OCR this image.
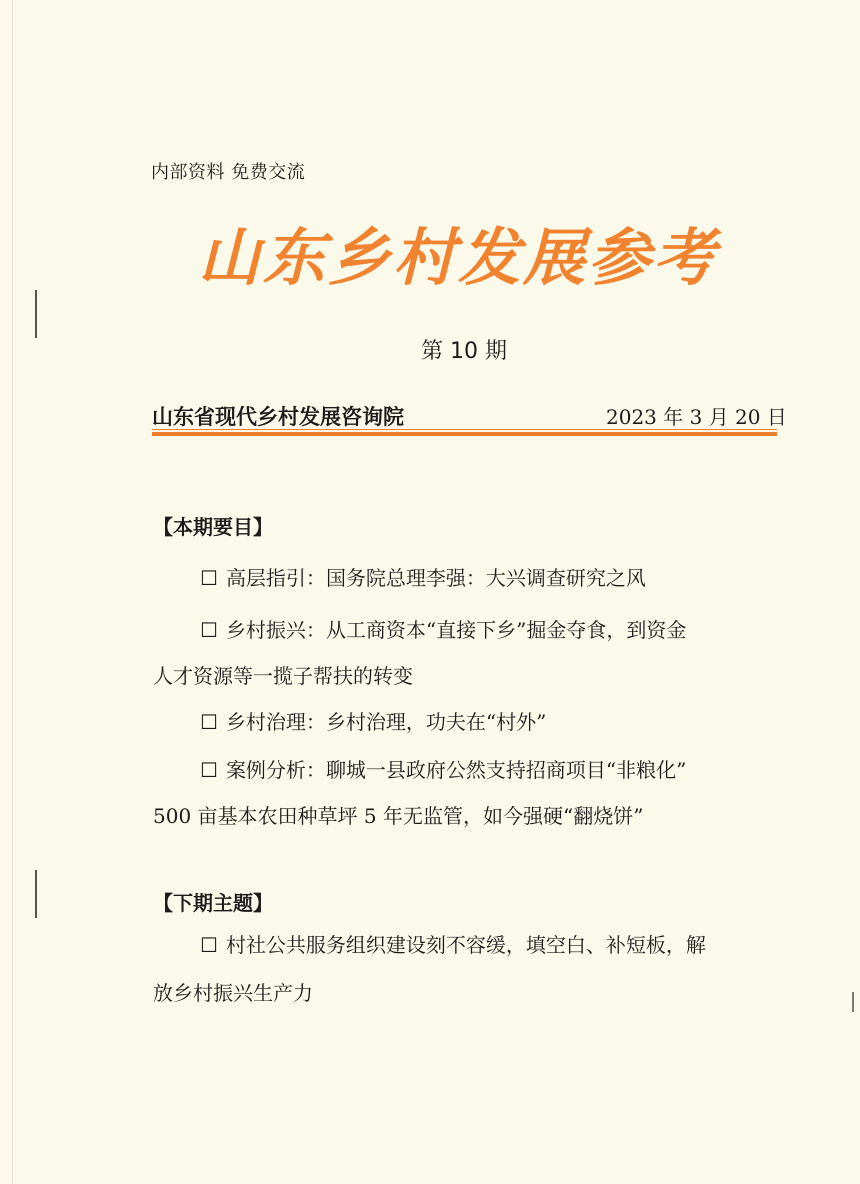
内部资料 免费交流
山东乡村发展参考
第 10 期
山东省现代乡村发展咨询院	2023 年 3 月 20 日
【本期要目】
☐ 高层指引：国务院总理李强：大兴调查研究之风
☐ 乡村振兴：从工商资本“直接下乡”掘金夺食，到资金
人才资源等一揽子帮扶的转变
☐ 乡村治理：乡村治理，功夫在“村外”
☐ 案例分析：聊城一县政府公然支持招商项目“非粮化”
500 亩基本农田种草坪 5 年无监管，如今强硬“翻烧饼”
【下期主题】
☐ 村社公共服务组织建设刻不容缓，填空白、补短板，解
放乡村振兴生产力
